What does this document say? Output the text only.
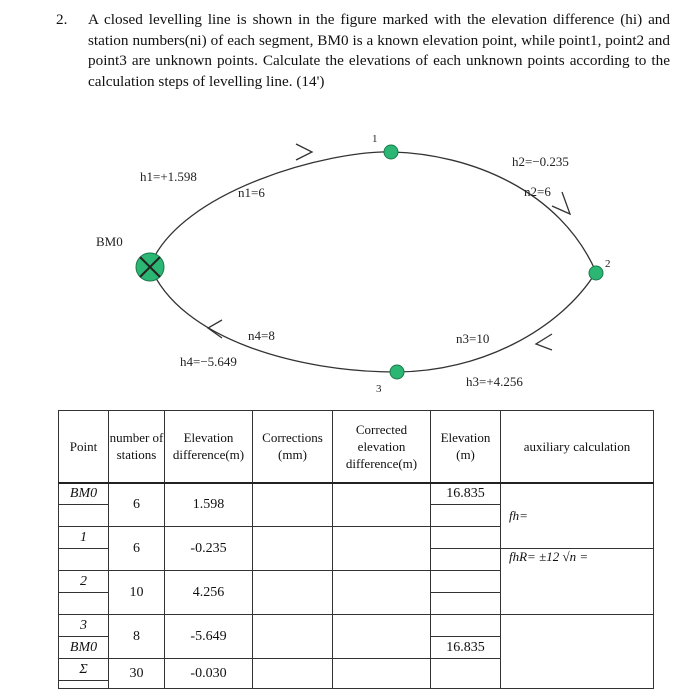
2. A closed levelling line is shown in the figure marked with the elevation difference (hi) and station numbers(ni) of each segment, BM0 is a known elevation point, while point1, point2 and point3 are unknown points. Calculate the elevations of each unknown points according to the calculation steps of levelling line. (14')
BM0
1
2
3
h1=+1.598
n1=6
h2=−0.235
n2=6
n3=10
h3=+4.256
n4=8
h4=−5.649
Point	number of stations	Elevation difference(m)	Corrections (mm)	Corrected elevation difference(m)	Elevation (m)	auxiliary calculation
BM0	6	1.598			16.835	fh=

1	6	-0.235				
						fhR= ±12 √n =
2	10	4.256				

3	8	-5.649				
BM0					16.835	
Σ	30	-0.030				
